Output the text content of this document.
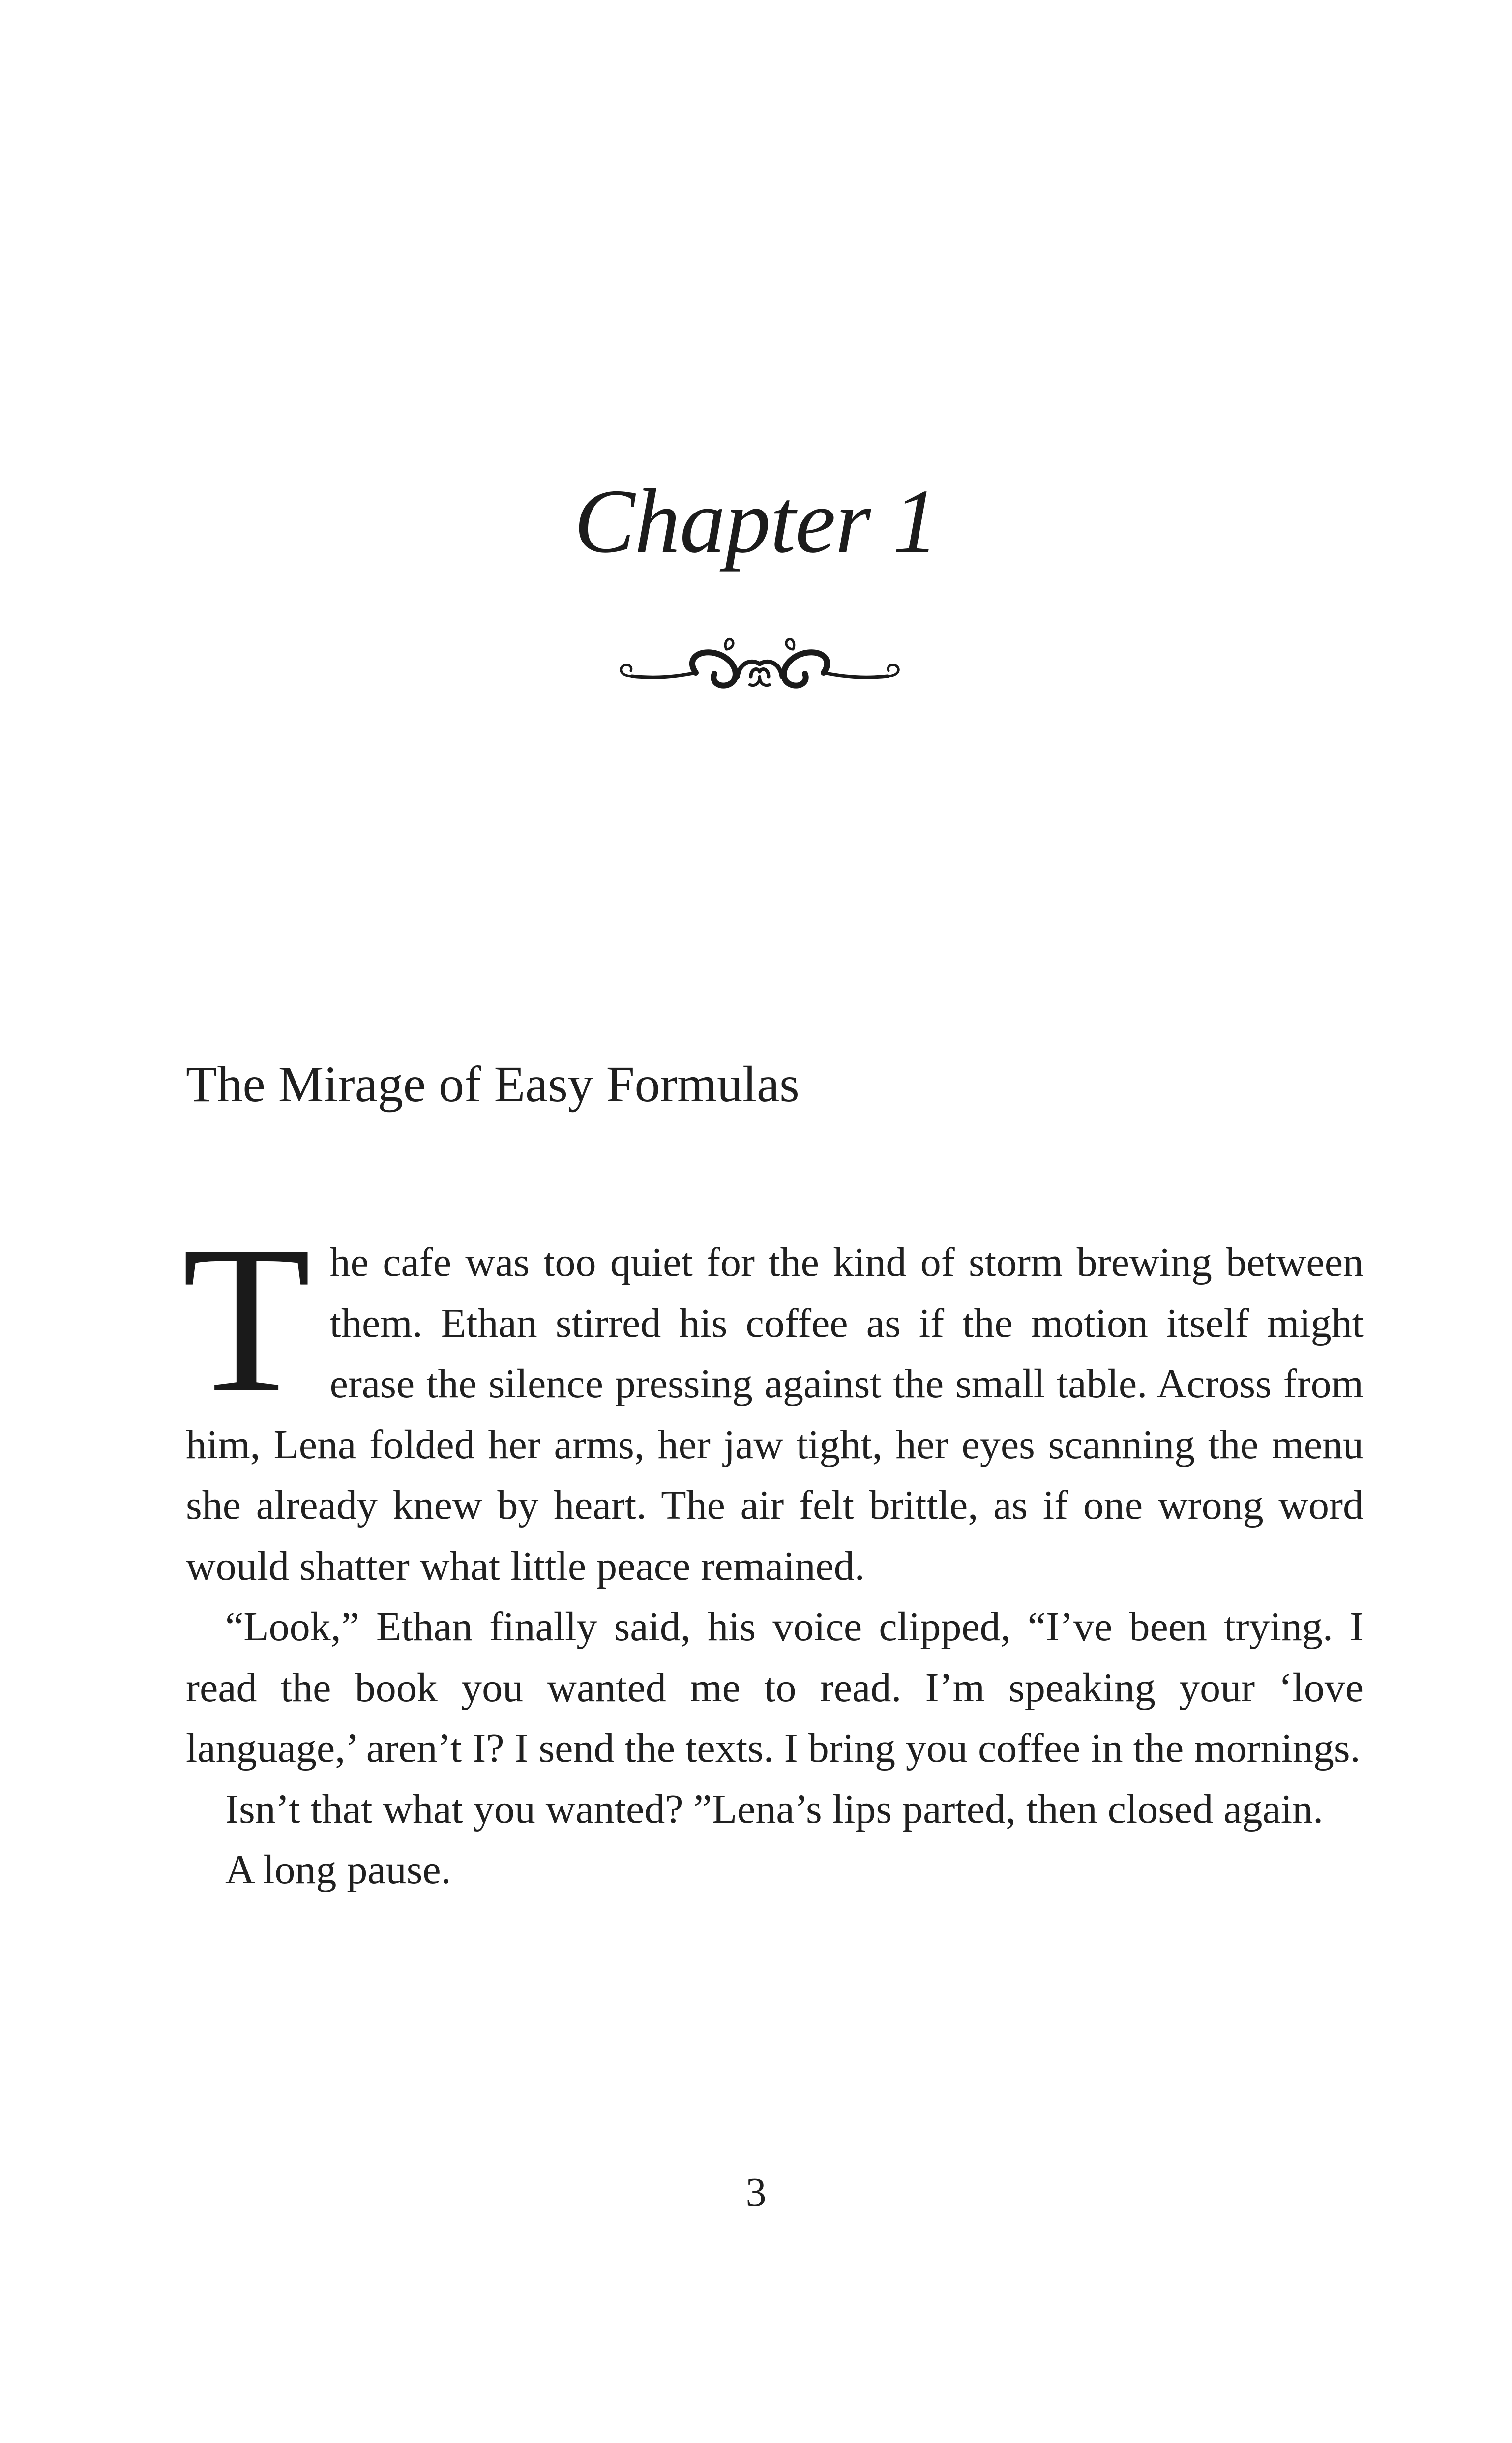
Chapter 1
The Mirage of Easy Formulas

The cafe was too quiet for the kind of storm brewing between them. Ethan stirred his coffee as if the motion itself might erase the silence pressing against the small table. Across from him, Lena folded her arms, her jaw tight, her eyes scanning the menu she already knew by heart. The air felt brittle, as if one wrong word would shatter what little peace remained.

“Look,” Ethan finally said, his voice clipped, “I’ve been trying. I read the book you wanted me to read. I’m speaking your ‘love language,’ aren’t I? I send the texts. I bring you coffee in the mornings.

Isn’t that what you wanted? ”Lena’s lips parted, then closed again.

A long pause.

3
